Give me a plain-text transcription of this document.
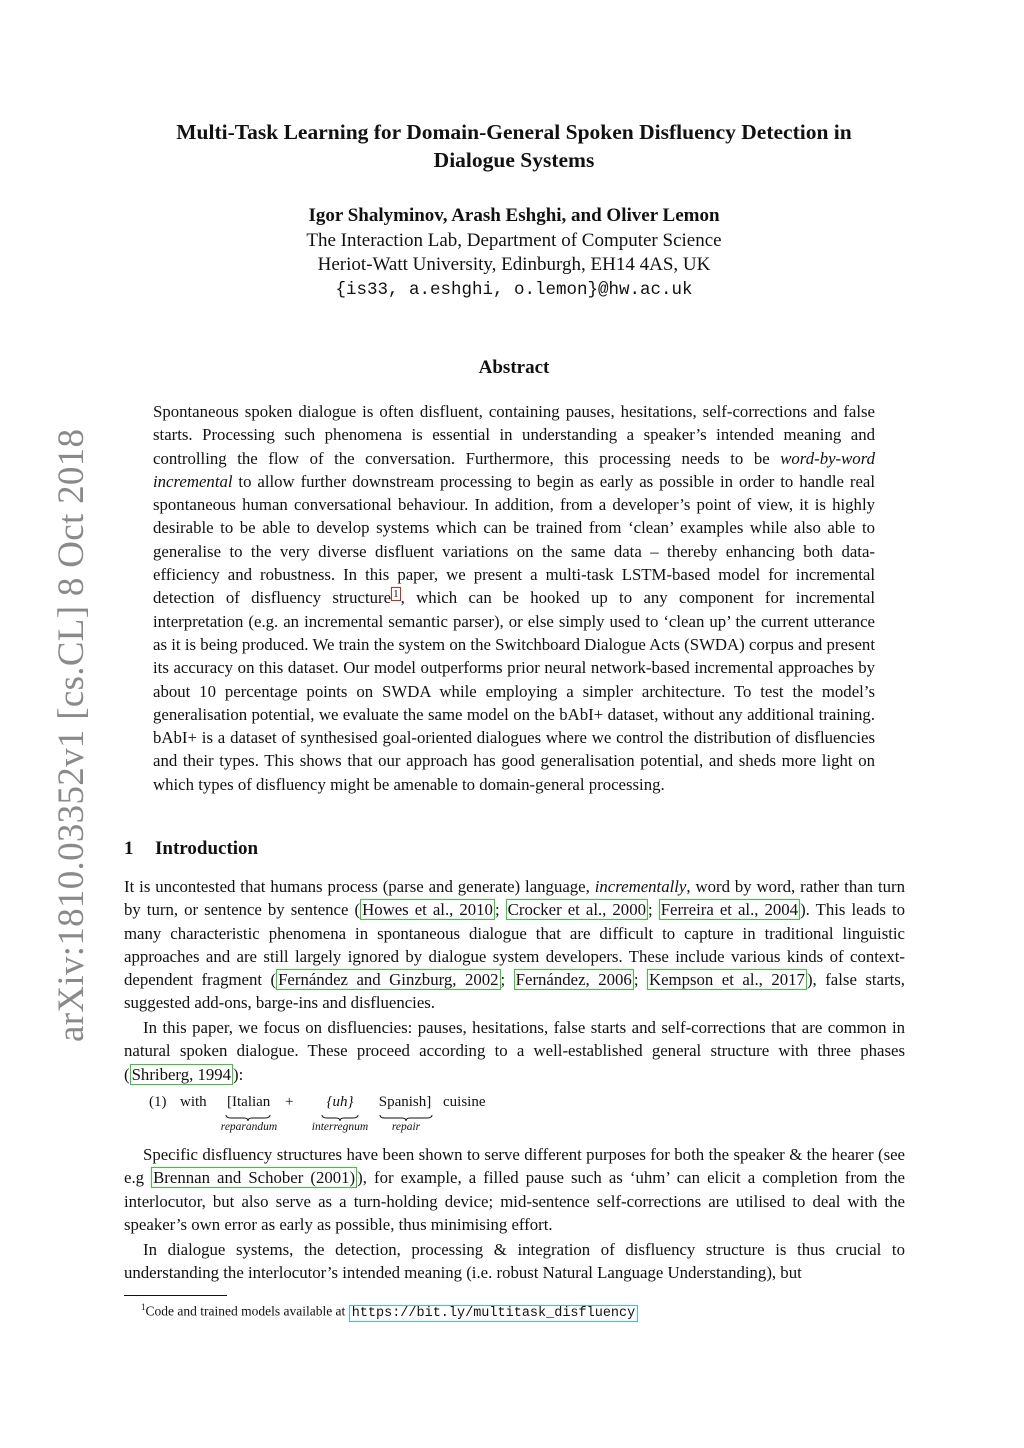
arXiv:1810.03352v1 [cs.CL] 8 Oct 2018
Multi-Task Learning for Domain-General Spoken Disfluency Detection in
Dialogue Systems
Igor Shalyminov, Arash Eshghi, and Oliver Lemon
The Interaction Lab, Department of Computer Science
Heriot-Watt University, Edinburgh, EH14 4AS, UK
{is33, a.eshghi, o.lemon}@hw.ac.uk
Abstract
Spontaneous spoken dialogue is often disfluent, containing pauses, hesitations, self-corrections and false starts. Processing such phenomena is essential in understanding a speaker’s intended meaning and controlling the flow of the conversation. Furthermore, this processing needs to be word-by-word incremental to allow further downstream processing to begin as early as possible in order to handle real spontaneous human conversational behaviour. In addition, from a developer’s point of view, it is highly desirable to be able to develop systems which can be trained from ‘clean’ examples while also able to generalise to the very diverse disfluent variations on the same data – thereby enhancing both data-efficiency and robustness. In this paper, we present a multi-task LSTM-based model for incremental detection of disfluency structure $^1$ , which can be hooked up to any component for incremental interpretation (e.g. an incremental semantic parser), or else simply used to ‘clean up’ the current utterance as it is being produced. We train the system on the Switchboard Dialogue Acts (SWDA) corpus and present its accuracy on this dataset. Our model outperforms prior neural network-based incremental approaches by about 10 percentage points on SWDA while employing a simpler architecture. To test the model’s generalisation potential, we evaluate the same model on the bAbI+ dataset, without any additional training. bAbI+ is a dataset of synthesised goal-oriented dialogues where we control the distribution of disfluencies and their types. This shows that our approach has good generalisation potential, and sheds more light on which types of disfluency might be amenable to domain-general processing.
1 Introduction
It is uncontested that humans process (parse and generate) language, incrementally, word by word, rather than turn by turn, or sentence by sentence ( Howes et al., 2010 ; Crocker et al., 2000 ; Ferreira et al., 2004 ). This leads to many characteristic phenomena in spontaneous dialogue that are difficult to capture in traditional linguistic approaches and are still largely ignored by dialogue system developers. These include various kinds of context-dependent fragment ( Fernández and Ginzburg, 2002 ; Fernández, 2006 ; Kempson et al., 2017 ), false starts, suggested add-ons, barge-ins and disfluencies.
In this paper, we focus on disfluencies: pauses, hesitations, false starts and self-corrections that are common in natural spoken dialogue. These proceed according to a well-established general structure with three phases ( Shriberg, 1994 ):
(1) with [Italian
reparandum
+	{uh}
interregnum
Spanish]
repair
cuisine
Specific disfluency structures have been shown to serve different purposes for both the speaker & the hearer (see e.g Brennan and Schober (2001) ), for example, a filled pause such as ‘uhm’ can elicit a completion from the interlocutor, but also serve as a turn-holding device; mid-sentence self-corrections are utilised to deal with the speaker’s own error as early as possible, thus minimising effort.
In dialogue systems, the detection, processing & integration of disfluency structure is thus crucial to understanding the interlocutor’s intended meaning (i.e. robust Natural Language Understanding), but
$^1$Code and trained models available at https://bit.ly/multitask_disfluency
